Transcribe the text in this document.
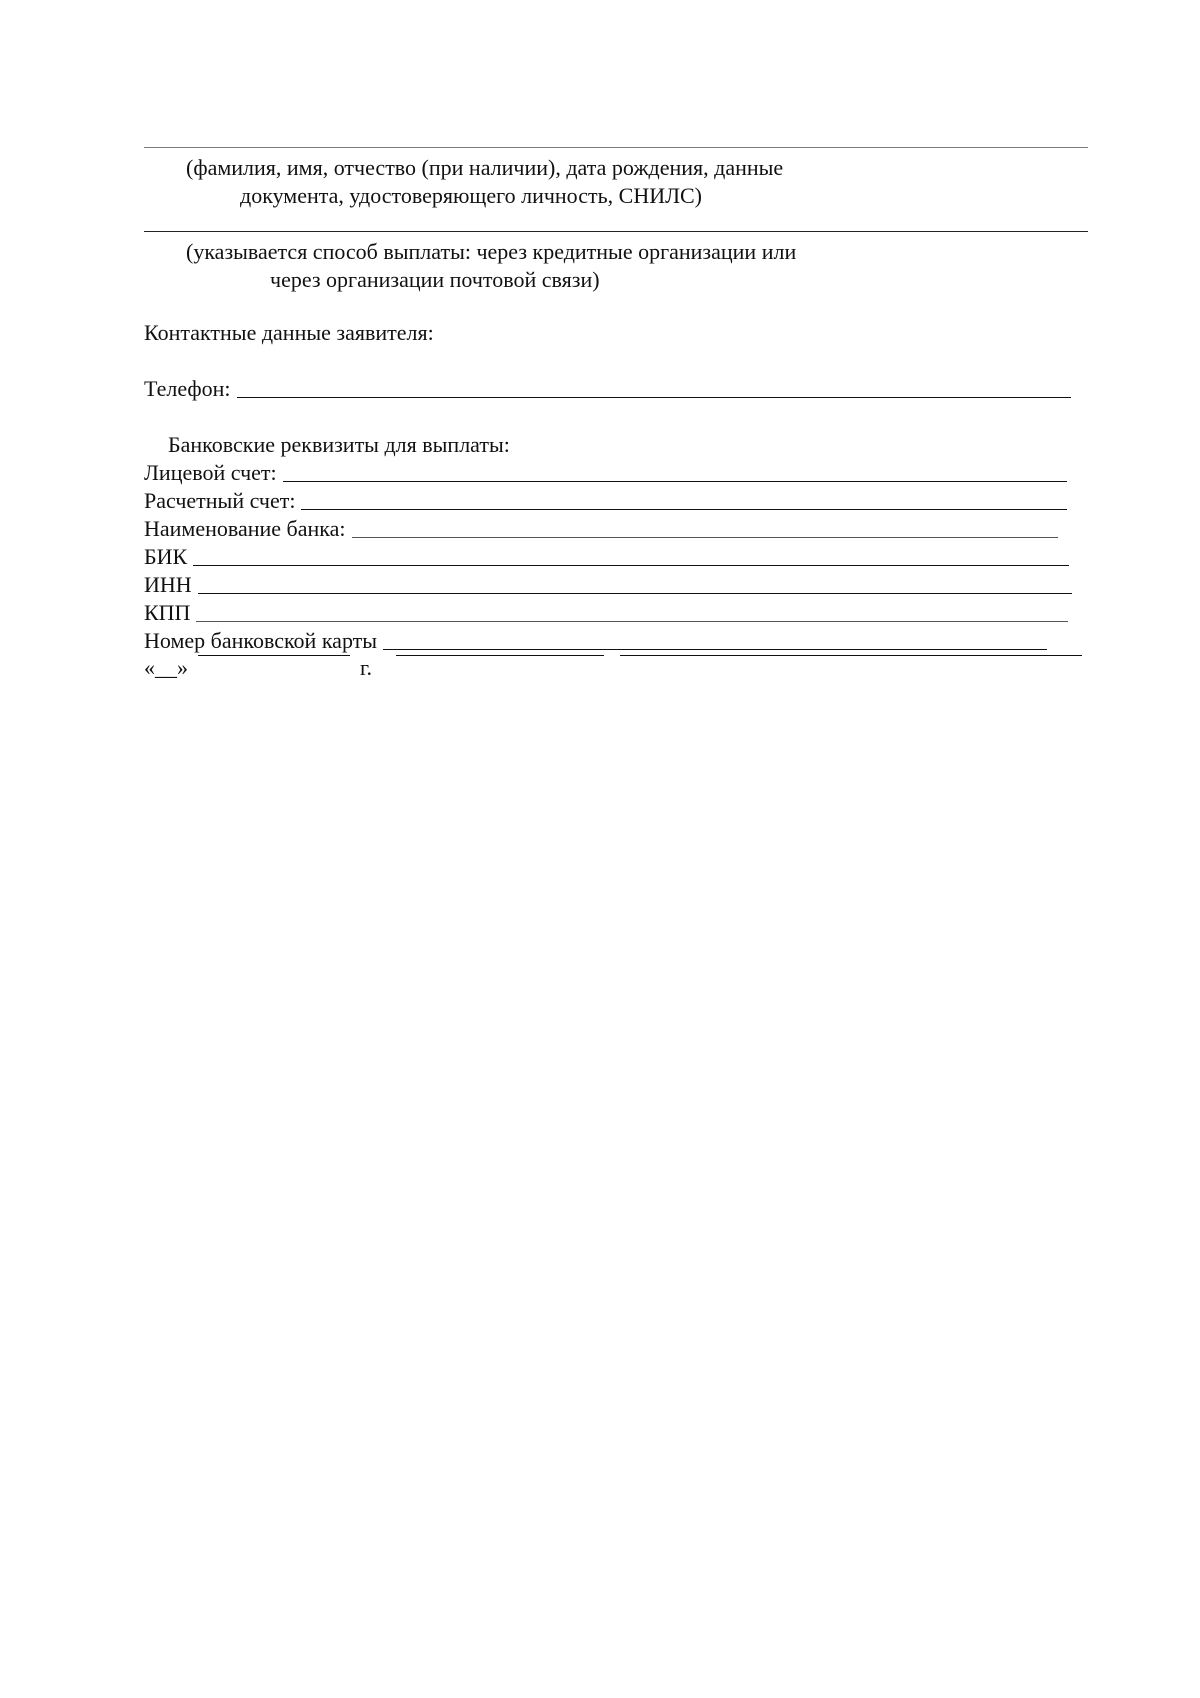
(фамилия, имя, отчество (при наличии), дата рождения, данные
документа, удостоверяющего личность, СНИЛС)
(указывается способ выплаты: через кредитные организации или
через организации почтовой связи)
Контактные данные заявителя:
Телефон:
Банковские реквизиты для выплаты:
Лицевой счет:
Расчетный счет:
Наименование банка:
БИК
ИНН
КПП
Номер банковской карты
«__»	г.
